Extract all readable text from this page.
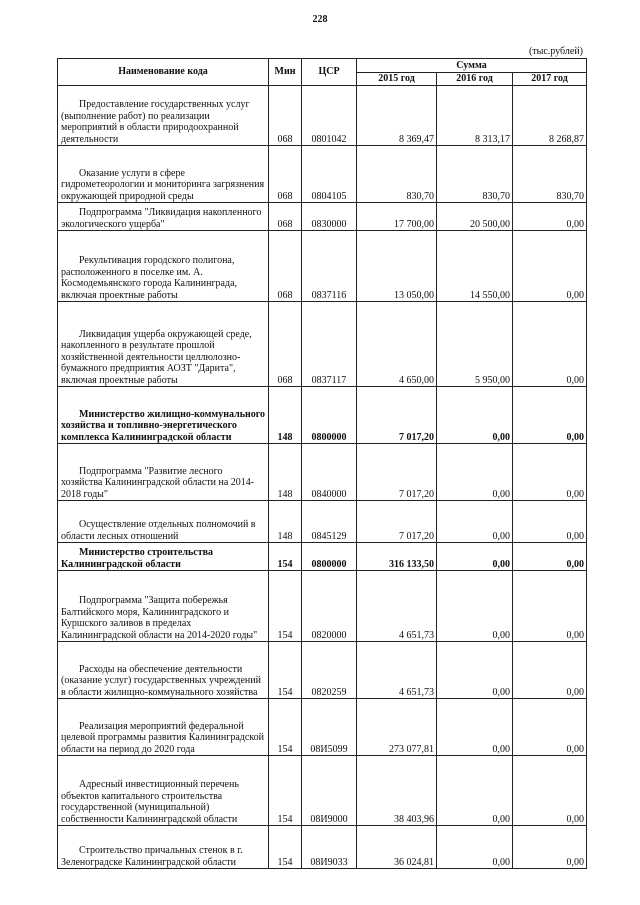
228
(тыс.рублей)
Наименование кода	Мин	ЦСР	Сумма		
			2015 год	2016 год	2017 год
Предоставление государственных услуг (выполнение работ) по реализации мероприятий в области природоохранной деятельности	068	0801042	8 369,47	8 313,17	8 268,87
Оказание услуги в сфере гидрометеорологии и мониторинга загрязнения окружающей природной среды	068	0804105	830,70	830,70	830,70
Подпрограмма "Ликвидация накопленного экологического ущерба"	068	0830000	17 700,00	20 500,00	0,00
Рекультивация городского полигона, расположенного в поселке им. А. Космодемьянского города Калининграда, включая проектные работы	068	0837116	13 050,00	14 550,00	0,00
Ликвидация ущерба окружающей среде, накопленного в результате прошлой хозяйственной деятельности целлюлозно-бумажного предприятия АОЗТ "Дарита", включая проектные работы	068	0837117	4 650,00	5 950,00	0,00
Министерство жилищно-коммунального хозяйства и топливно-энергетического комплекса Калининградской области	148	0800000	7 017,20	0,00	0,00
Подпрограмма "Развитие лесного хозяйства Калининградской области на 2014-2018 годы"	148	0840000	7 017,20	0,00	0,00
Осуществление отдельных полномочий в области лесных отношений	148	0845129	7 017,20	0,00	0,00
Министерство строительства Калининградской области	154	0800000	316 133,50	0,00	0,00
Подпрограмма "Защита побережья Балтийского моря, Калининградского и Куршского заливов в пределах Калининградской области на 2014-2020 годы"	154	0820000	4 651,73	0,00	0,00
Расходы на обеспечение деятельности (оказание услуг) государственных учреждений в области жилищно-коммунального хозяйства	154	0820259	4 651,73	0,00	0,00
Реализация мероприятий федеральной целевой программы развития Калининградской области на период до 2020 года	154	08И5099	273 077,81	0,00	0,00
Адресный инвестиционный перечень объектов капитального строительства государственной (муниципальной) собственности Калининградской области	154	08И9000	38 403,96	0,00	0,00
Строительство причальных стенок в г. Зеленоградске Калининградской области	154	08И9033	36 024,81	0,00	0,00
